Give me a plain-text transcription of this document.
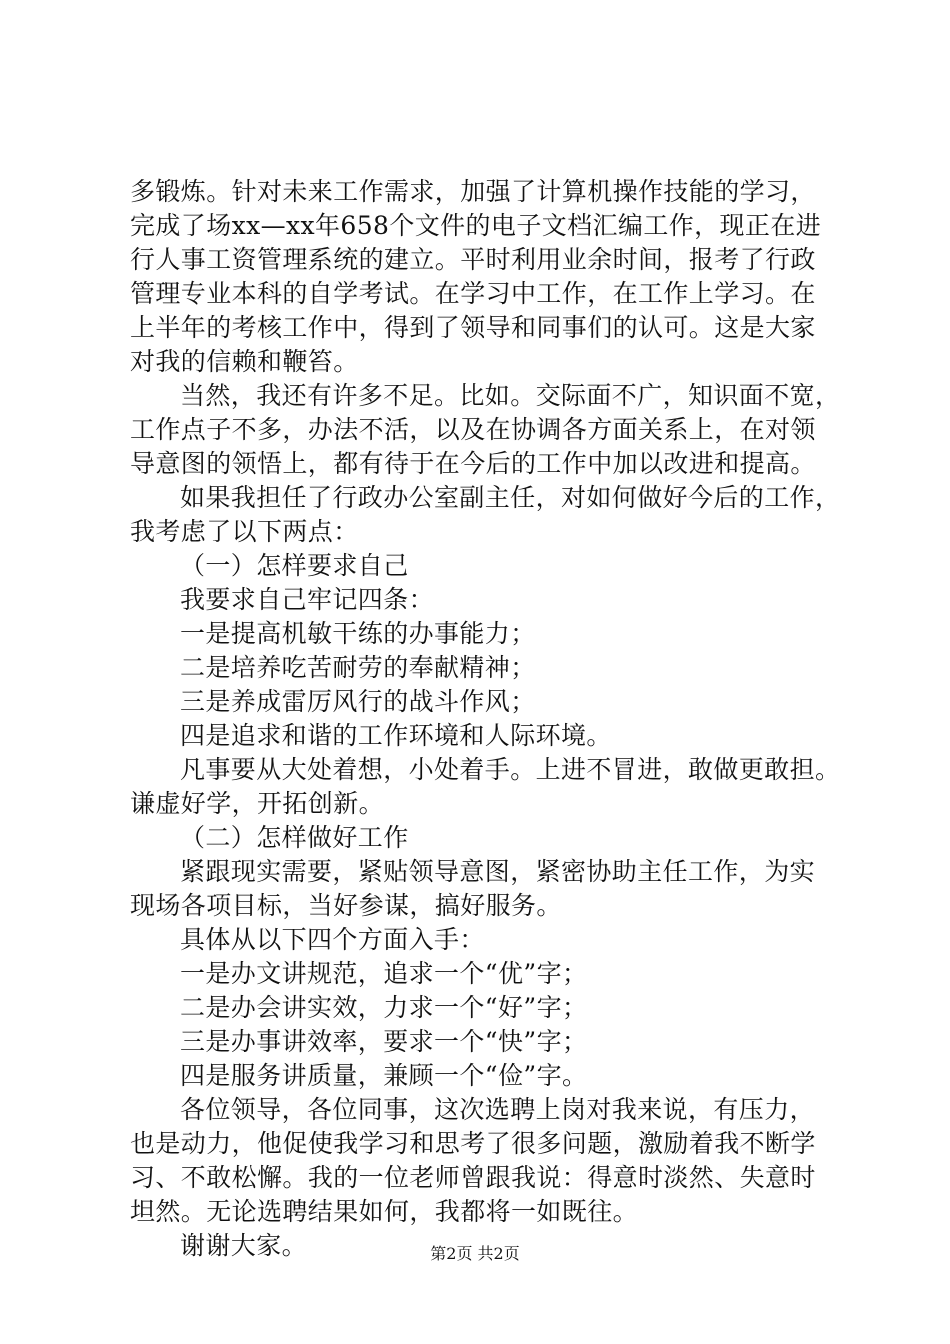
多锻炼。针对未来工作需求，加强了计算机操作技能的学习，
完成了场xx—xx年658个文件的电子文档汇编工作，现正在进
行人事工资管理系统的建立。平时利用业余时间，报考了行政
管理专业本科的自学考试。在学习中工作，在工作上学习。在
上半年的考核工作中，得到了领导和同事们的认可。这是大家
对我的信赖和鞭笞。
当然，我还有许多不足。比如。交际面不广，知识面不宽，
工作点子不多，办法不活，以及在协调各方面关系上，在对领
导意图的领悟上，都有待于在今后的工作中加以改进和提高。
如果我担任了行政办公室副主任，对如何做好今后的工作，
我考虑了以下两点：
（一）怎样要求自己
我要求自己牢记四条：
一是提高机敏干练的办事能力；
二是培养吃苦耐劳的奉献精神；
三是养成雷厉风行的战斗作风；
四是追求和谐的工作环境和人际环境。
凡事要从大处着想，小处着手。上进不冒进，敢做更敢担。
谦虚好学，开拓创新。
（二）怎样做好工作
紧跟现实需要，紧贴领导意图，紧密协助主任工作，为实
现场各项目标，当好参谋，搞好服务。
具体从以下四个方面入手：
一是办文讲规范，追求一个“优”字；
二是办会讲实效，力求一个“好”字；
三是办事讲效率，要求一个“快”字；
四是服务讲质量，兼顾一个“俭”字。
各位领导，各位同事，这次选聘上岗对我来说，有压力，
也是动力，他促使我学习和思考了很多问题，激励着我不断学
习、不敢松懈。我的一位老师曾跟我说：得意时淡然、失意时
坦然。无论选聘结果如何，我都将一如既往。
谢谢大家。	第2页 共2页
